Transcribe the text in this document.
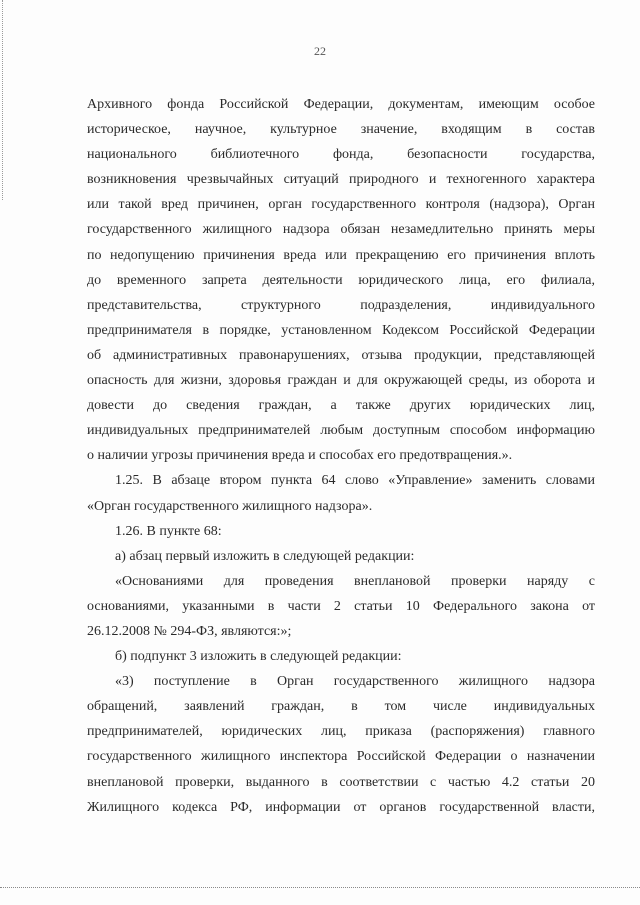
22
Архивного фонда Российской Федерации, документам, имеющим особое
историческое, научное, культурное значение, входящим в состав
национального библиотечного фонда, безопасности государства,
возникновения чрезвычайных ситуаций природного и техногенного характера
или такой вред причинен, орган государственного контроля (надзора), Орган
государственного жилищного надзора обязан незамедлительно принять меры
по недопущению причинения вреда или прекращению его причинения вплоть
до временного запрета деятельности юридического лица, его филиала,
представительства, структурного подразделения, индивидуального
предпринимателя в порядке, установленном Кодексом Российской Федерации
об административных правонарушениях, отзыва продукции, представляющей
опасность для жизни, здоровья граждан и для окружающей среды, из оборота и
довести до сведения граждан, а также других юридических лиц,
индивидуальных предпринимателей любым доступным способом информацию
о наличии угрозы причинения вреда и способах его предотвращения.».
1.25. В абзаце втором пункта 64 слово «Управление» заменить словами
«Орган государственного жилищного надзора».
1.26. В пункте 68:
а) абзац первый изложить в следующей редакции:
«Основаниями для проведения внеплановой проверки наряду с
основаниями, указанными в части 2 статьи 10 Федерального закона от
26.12.2008 № 294-ФЗ, являются:»;
б) подпункт 3 изложить в следующей редакции:
«3) поступление в Орган государственного жилищного надзора
обращений, заявлений граждан, в том числе индивидуальных
предпринимателей, юридических лиц, приказа (распоряжения) главного
государственного жилищного инспектора Российской Федерации о назначении
внеплановой проверки, выданного в соответствии с частью 4.2 статьи 20
Жилищного кодекса РФ, информации от органов государственной власти,
